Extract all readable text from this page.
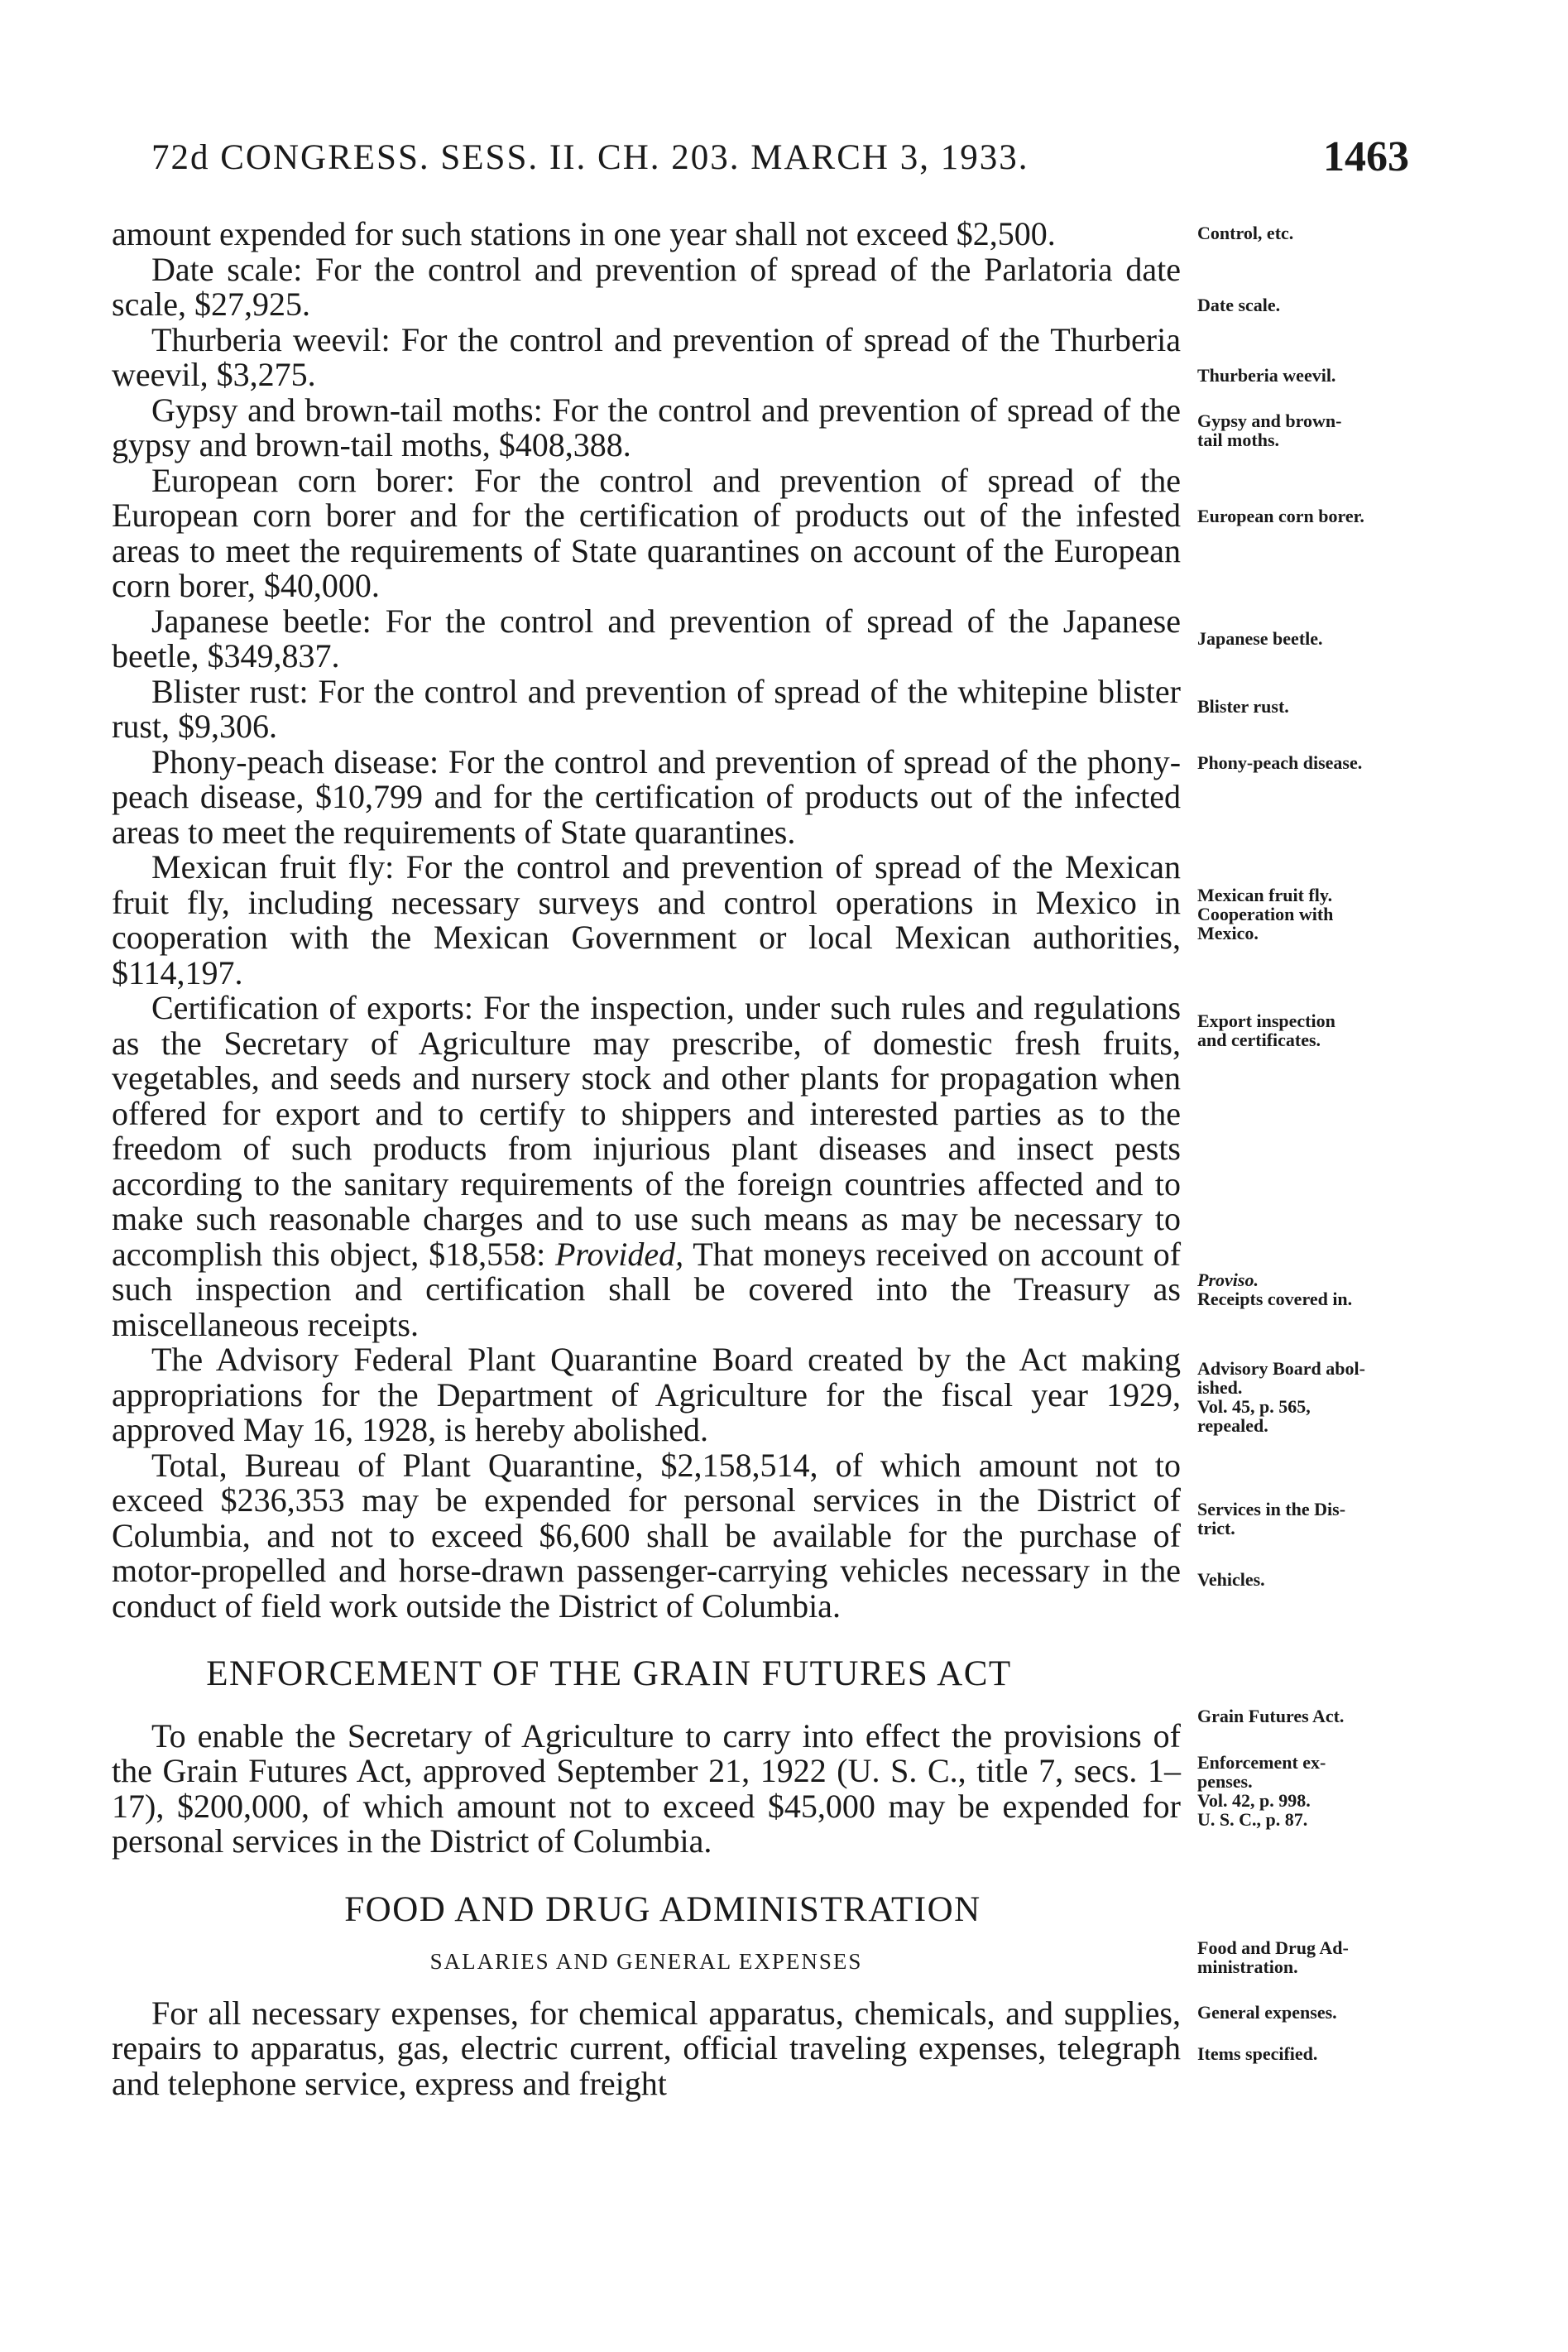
72d CONGRESS. SESS. II. CH. 203. MARCH 3, 1933.	1463

amount expended for such stations in one year shall not exceed $2,500.

Date scale: For the control and prevention of spread of the Parlatoria date scale, $27,925.

Thurberia weevil: For the control and prevention of spread of the Thurberia weevil, $3,275.

Gypsy and brown-tail moths: For the control and prevention of spread of the gypsy and brown-tail moths, $408,388.

European corn borer: For the control and prevention of spread of the European corn borer and for the certification of products out of the infested areas to meet the requirements of State quarantines on account of the European corn borer, $40,000.

Japanese beetle: For the control and prevention of spread of the Japanese beetle, $349,837.

Blister rust: For the control and prevention of spread of the whitepine blister rust, $9,306.

Phony-peach disease: For the control and prevention of spread of the phony-peach disease, $10,799 and for the certification of products out of the infected areas to meet the requirements of State quarantines.

Mexican fruit fly: For the control and prevention of spread of the Mexican fruit fly, including necessary surveys and control operations in Mexico in cooperation with the Mexican Government or local Mexican authorities, $114,197.

Certification of exports: For the inspection, under such rules and regulations as the Secretary of Agriculture may prescribe, of domestic fresh fruits, vegetables, and seeds and nursery stock and other plants for propagation when offered for export and to certify to shippers and interested parties as to the freedom of such products from injurious plant diseases and insect pests according to the sanitary requirements of the foreign countries affected and to make such reasonable charges and to use such means as may be necessary to accomplish this object, $18,558: Provided, That moneys received on account of such inspection and certification shall be covered into the Treasury as miscellaneous receipts.

The Advisory Federal Plant Quarantine Board created by the Act making appropriations for the Department of Agriculture for the fiscal year 1929, approved May 16, 1928, is hereby abolished.

Total, Bureau of Plant Quarantine, $2,158,514, of which amount not to exceed $236,353 may be expended for personal services in the District of Columbia, and not to exceed $6,600 shall be available for the purchase of motor-propelled and horse-drawn passenger-carrying vehicles necessary in the conduct of field work outside the District of Columbia.

ENFORCEMENT OF THE GRAIN FUTURES ACT

To enable the Secretary of Agriculture to carry into effect the provisions of the Grain Futures Act, approved September 21, 1922 (U. S. C., title 7, secs. 1–17), $200,000, of which amount not to exceed $45,000 may be expended for personal services in the District of Columbia.

FOOD AND DRUG ADMINISTRATION

SALARIES AND GENERAL EXPENSES

For all necessary expenses, for chemical apparatus, chemicals, and supplies, repairs to apparatus, gas, electric current, official traveling expenses, telegraph and telephone service, express and freight

Control, etc.
Date scale.
Thurberia weevil.
Gypsy and brown-
tail moths.
European corn borer.
Japanese beetle.
Blister rust.
Phony-peach disease.
Mexican fruit fly.
Cooperation with
Mexico.
Export inspection
and certificates.
Proviso.
Receipts covered in.
Advisory Board abol-
ished.
Vol. 45, p. 565,
repealed.
Services in the Dis-
trict.
Vehicles.
Grain Futures Act.
Enforcement ex-
penses.
Vol. 42, p. 998.
U. S. C., p. 87.
Food and Drug Ad-
ministration.
General expenses.
Items specified.
